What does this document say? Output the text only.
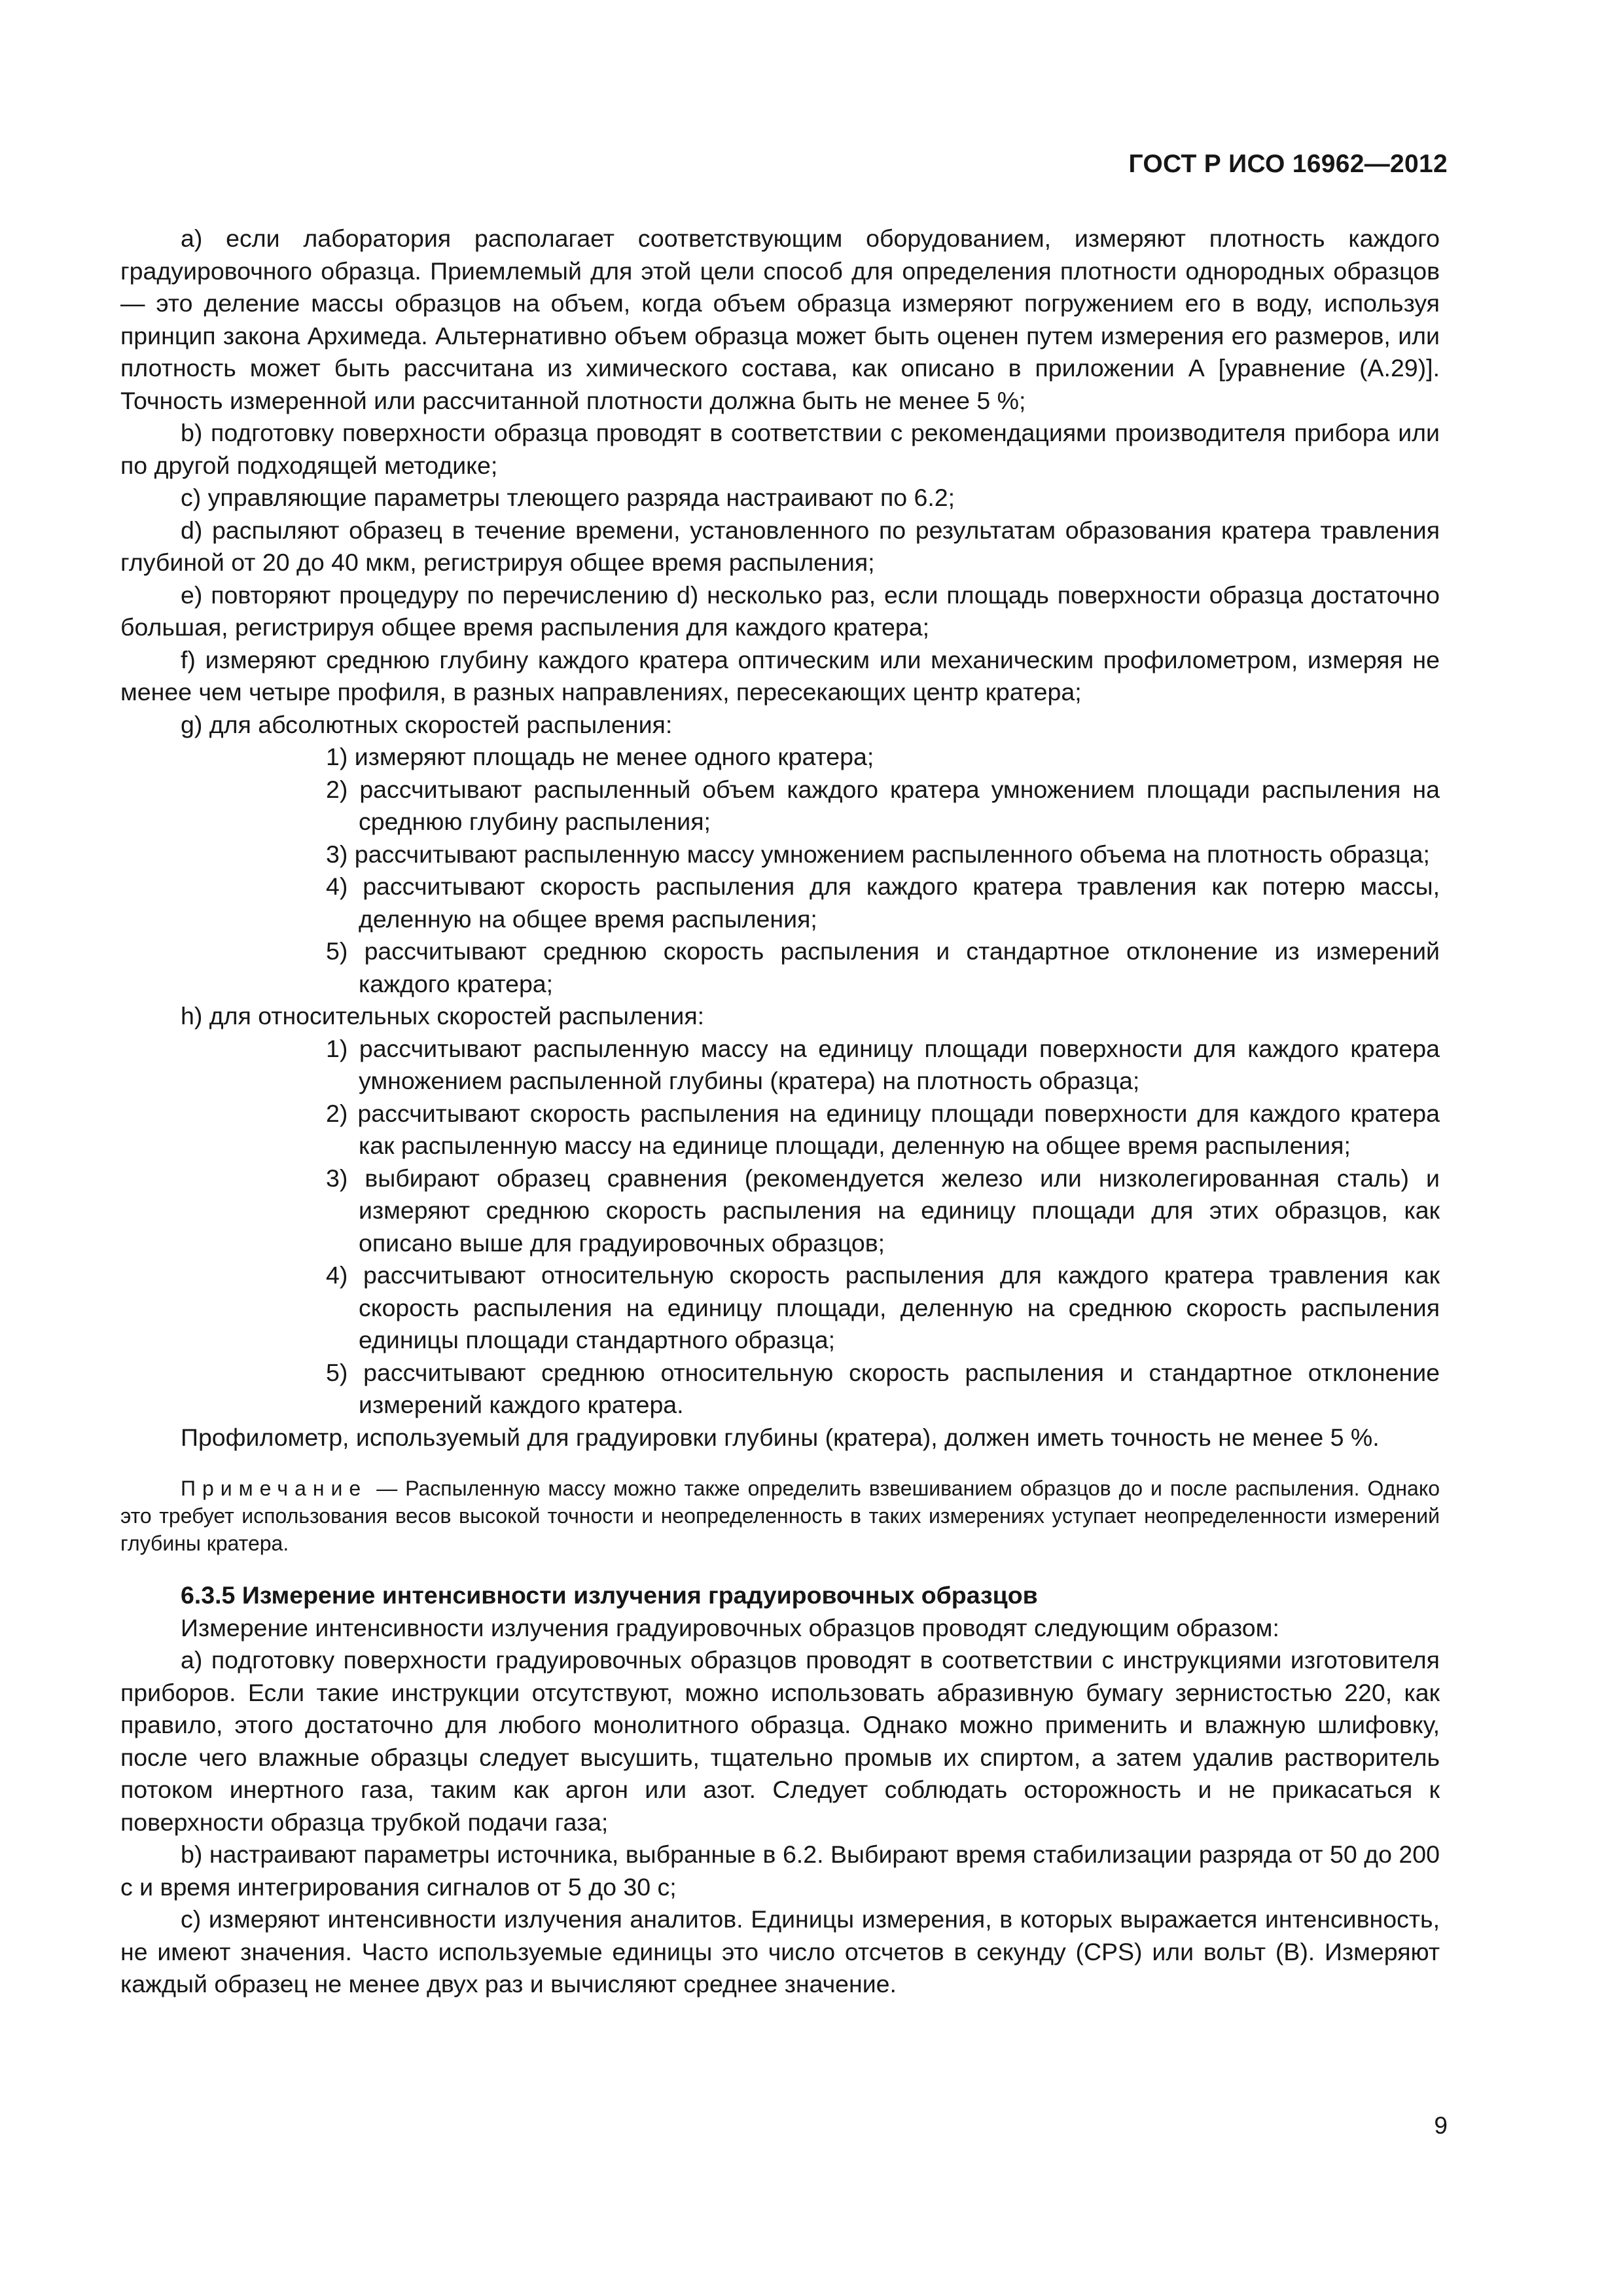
ГОСТ Р ИСО 16962—2012

а) если лаборатория располагает соответствующим оборудованием, измеряют плотность каждого градуировочного образца. Приемлемый для этой цели способ для определения плотности однородных образцов — это деление массы образцов на объем, когда объем образца измеряют погружением его в воду, используя принцип закона Архимеда. Альтернативно объем образца может быть оценен путем измерения его размеров, или плотность может быть рассчитана из химического состава, как описано в приложении А [уравнение (А.29)]. Точность измеренной или рассчитанной плотности должна быть не менее 5 %;

b) подготовку поверхности образца проводят в соответствии с рекомендациями производителя прибора или по другой подходящей методике;

c) управляющие параметры тлеющего разряда настраивают по 6.2;

d) распыляют образец в течение времени, установленного по результатам образования кратера травления глубиной от 20 до 40 мкм, регистрируя общее время распыления;

e) повторяют процедуру по перечислению d) несколько раз, если площадь поверхности образца достаточно большая, регистрируя общее время распыления для каждого кратера;

f) измеряют среднюю глубину каждого кратера оптическим или механическим профилометром, измеряя не менее чем четыре профиля, в разных направлениях, пересекающих центр кратера;

g) для абсолютных скоростей распыления:

1) измеряют площадь не менее одного кратера;

2) рассчитывают распыленный объем каждого кратера умножением площади распыления на среднюю глубину распыления;

3) рассчитывают распыленную массу умножением распыленного объема на плотность образца;

4) рассчитывают скорость распыления для каждого кратера травления как потерю массы, деленную на общее время распыления;

5) рассчитывают среднюю скорость распыления и стандартное отклонение из измерений каждого кратера;

h) для относительных скоростей распыления:

1) рассчитывают распыленную массу на единицу площади поверхности для каждого кратера умножением распыленной глубины (кратера) на плотность образца;

2) рассчитывают скорость распыления на единицу площади поверхности для каждого кратера как распыленную массу на единице площади, деленную на общее время распыления;

3) выбирают образец сравнения (рекомендуется железо или низколегированная сталь) и измеряют среднюю скорость распыления на единицу площади для этих образцов, как описано выше для градуировочных образцов;

4) рассчитывают относительную скорость распыления для каждого кратера травления как скорость распыления на единицу площади, деленную на среднюю скорость распыления единицы площади стандартного образца;

5) рассчитывают среднюю относительную скорость распыления и стандартное отклонение измерений каждого кратера.

Профилометр, используемый для градуировки глубины (кратера), должен иметь точность не менее 5 %.

Примечание — Распыленную массу можно также определить взвешиванием образцов до и после распыления. Однако это требует использования весов высокой точности и неопределенность в таких измерениях уступает неопределенности измерений глубины кратера.

6.3.5 Измерение интенсивности излучения градуировочных образцов

Измерение интенсивности излучения градуировочных образцов проводят следующим образом:

а) подготовку поверхности градуировочных образцов проводят в соответствии с инструкциями изготовителя приборов. Если такие инструкции отсутствуют, можно использовать абразивную бумагу зернистостью 220, как правило, этого достаточно для любого монолитного образца. Однако можно применить и влажную шлифовку, после чего влажные образцы следует высушить, тщательно промыв их спиртом, а затем удалив растворитель потоком инертного газа, таким как аргон или азот. Следует соблюдать осторожность и не прикасаться к поверхности образца трубкой подачи газа;

b) настраивают параметры источника, выбранные в 6.2. Выбирают время стабилизации разряда от 50 до 200 с и время интегрирования сигналов от 5 до 30 с;

c) измеряют интенсивности излучения аналитов. Единицы измерения, в которых выражается интенсивность, не имеют значения. Часто используемые единицы это число отсчетов в секунду (CPS) или вольт (В). Измеряют каждый образец не менее двух раз и вычисляют среднее значение.

9
